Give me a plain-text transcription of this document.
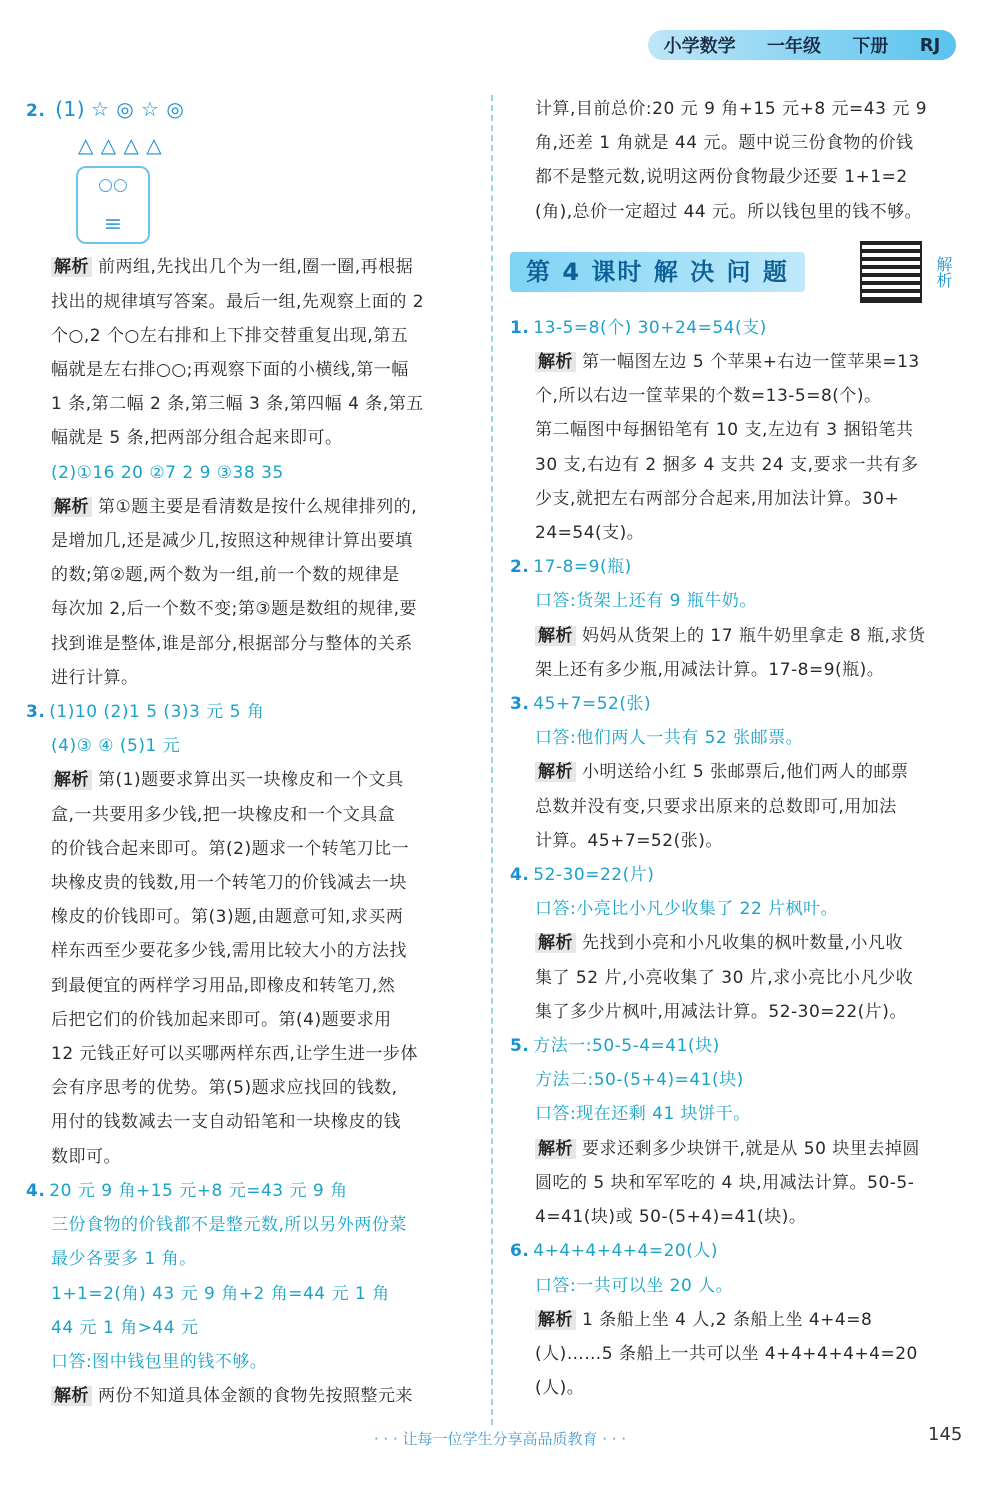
小学数学 一年级 下册 RJ
2. (1) ☆ ◎ ☆ ◎
△ △ △ △
○○
≡
解析 前两组,先找出几个为一组,圈一圈,再根据
找出的规律填写答案。最后一组,先观察上面的 2
个○,2 个○左右排和上下排交替重复出现,第五
幅就是左右排○○;再观察下面的小横线,第一幅
1 条,第二幅 2 条,第三幅 3 条,第四幅 4 条,第五
幅就是 5 条,把两部分组合起来即可。
(2)①16 20 ②7 2 9 ③38 35
解析 第①题主要是看清数是按什么规律排列的,
是增加几,还是减少几,按照这种规律计算出要填
的数;第②题,两个数为一组,前一个数的规律是
每次加 2,后一个数不变;第③题是数组的规律,要
找到谁是整体,谁是部分,根据部分与整体的关系
进行计算。
3. (1)10 (2)1 5 (3)3 元 5 角
(4)③ ④ (5)1 元
解析 第(1)题要求算出买一块橡皮和一个文具
盒,一共要用多少钱,把一块橡皮和一个文具盒
的价钱合起来即可。第(2)题求一个转笔刀比一
块橡皮贵的钱数,用一个转笔刀的价钱减去一块
橡皮的价钱即可。第(3)题,由题意可知,求买两
样东西至少要花多少钱,需用比较大小的方法找
到最便宜的两样学习用品,即橡皮和转笔刀,然
后把它们的价钱加起来即可。第(4)题要求用
12 元钱正好可以买哪两样东西,让学生进一步体
会有序思考的优势。第(5)题求应找回的钱数,
用付的钱数减去一支自动铅笔和一块橡皮的钱
数即可。
4. 20 元 9 角+15 元+8 元=43 元 9 角
三份食物的价钱都不是整元数,所以另外两份菜
最少各要多 1 角。
1+1=2(角) 43 元 9 角+2 角=44 元 1 角
44 元 1 角>44 元
口答:图中钱包里的钱不够。
解析 两份不知道具体金额的食物先按照整元来
计算,目前总价:20 元 9 角+15 元+8 元=43 元 9
角,还差 1 角就是 44 元。题中说三份食物的价钱
都不是整元数,说明这两份食物最少还要 1+1=2
(角),总价一定超过 44 元。所以钱包里的钱不够。
第 4 课时 解 决 问 题	解析
1. 13-5=8(个) 30+24=54(支)
解析 第一幅图左边 5 个苹果+右边一筐苹果=13
个,所以右边一筐苹果的个数=13-5=8(个)。
第二幅图中每捆铅笔有 10 支,左边有 3 捆铅笔共
30 支,右边有 2 捆多 4 支共 24 支,要求一共有多
少支,就把左右两部分合起来,用加法计算。30+
24=54(支)。
2. 17-8=9(瓶)
口答:货架上还有 9 瓶牛奶。
解析 妈妈从货架上的 17 瓶牛奶里拿走 8 瓶,求货
架上还有多少瓶,用减法计算。17-8=9(瓶)。
3. 45+7=52(张)
口答:他们两人一共有 52 张邮票。
解析 小明送给小红 5 张邮票后,他们两人的邮票
总数并没有变,只要求出原来的总数即可,用加法
计算。45+7=52(张)。
4. 52-30=22(片)
口答:小亮比小凡少收集了 22 片枫叶。
解析 先找到小亮和小凡收集的枫叶数量,小凡收
集了 52 片,小亮收集了 30 片,求小亮比小凡少收
集了多少片枫叶,用减法计算。52-30=22(片)。
5. 方法一:50-5-4=41(块)
方法二:50-(5+4)=41(块)
口答:现在还剩 41 块饼干。
解析 要求还剩多少块饼干,就是从 50 块里去掉圆
圆吃的 5 块和军军吃的 4 块,用减法计算。50-5-
4=41(块)或 50-(5+4)=41(块)。
6. 4+4+4+4+4=20(人)
口答:一共可以坐 20 人。
解析 1 条船上坐 4 人,2 条船上坐 4+4=8
(人)……5 条船上一共可以坐 4+4+4+4+4=20
(人)。
· · · 让每一位学生分享高品质教育 · · ·	145
